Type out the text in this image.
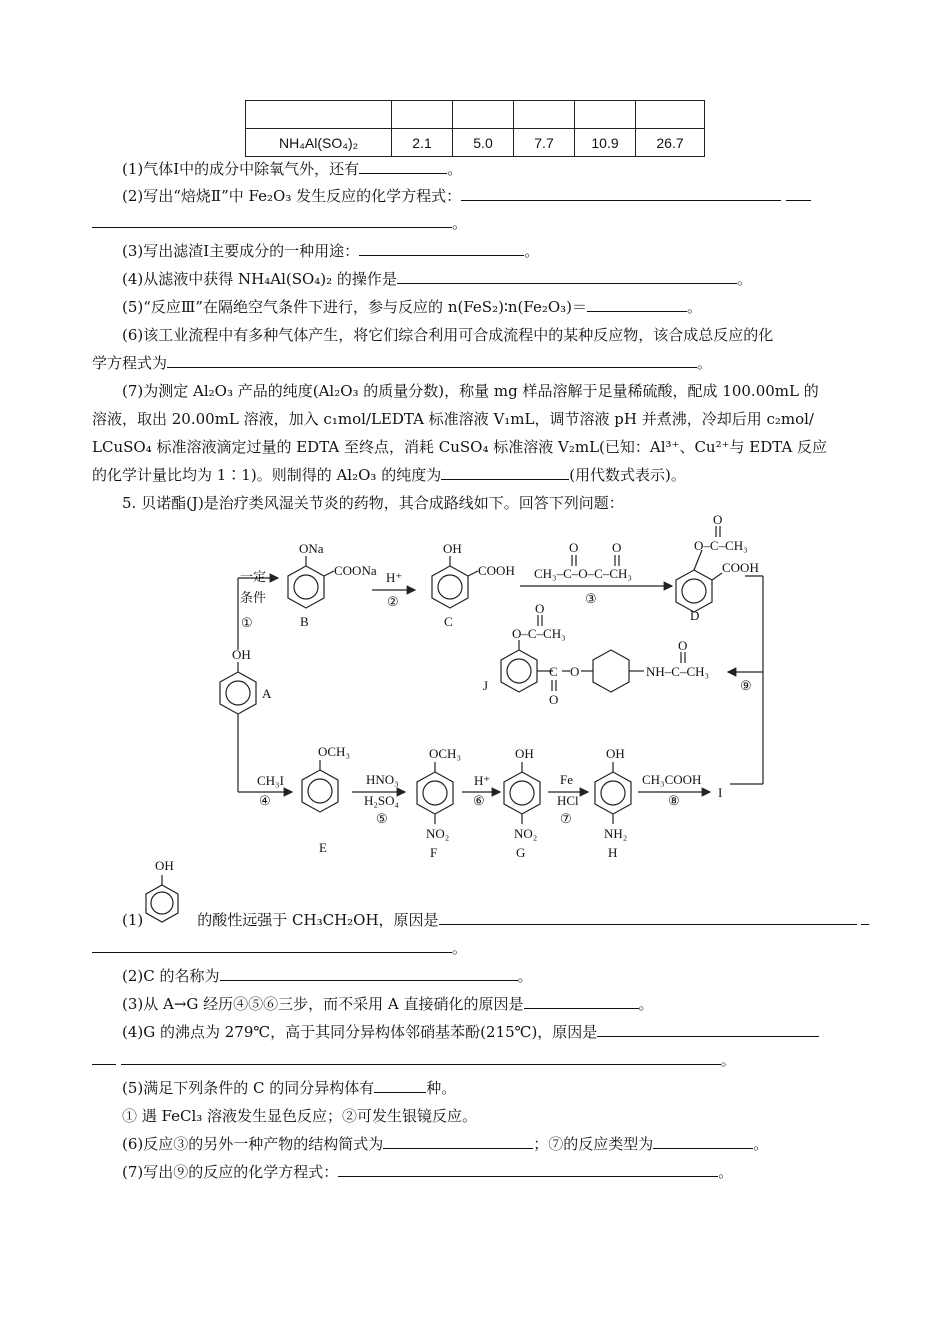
NH₄Al(SO₄)₂	2.1	5.0	7.7	10.9	26.7
(1)气体Ⅰ中的成分中除氧气外，还有	。
(2)写出“焙烧Ⅱ”中 Fe₂O₃ 发生反应的化学方程式：
。
(3)写出滤渣Ⅰ主要成分的一种用途：	。
(4)从滤液中获得 NH₄Al(SO₄)₂ 的操作是	。
(5)“反应Ⅲ”在隔绝空气条件下进行，参与反应的 n(FeS₂)∶n(Fe₂O₃)＝	。
(6)该工业流程中有多种气体产生，将它们综合利用可合成流程中的某种反应物，该合成总反应的化
学方程式为	。
(7)为测定 Al₂O₃ 产品的纯度(Al₂O₃ 的质量分数)，称量 mg 样品溶解于足量稀硫酸，配成 100.00mL 的
溶液，取出 20.00mL 溶液，加入 c₁mol/LEDTA 标准溶液 V₁mL，调节溶液 pH 并煮沸，冷却后用 c₂mol/
LCuSO₄ 标准溶液滴定过量的 EDTA 至终点，消耗 CuSO₄ 标准溶液 V₂mL(已知：Al³⁺、Cu²⁺与 EDTA 反应
的化学计量比均为 1∶1)。则制得的 Al₂O₃ 的纯度为	(用代数式表示)。
5. 贝诺酯(J)是治疗类风湿关节炎的药物，其合成路线如下。回答下列问题：
OH
A
一定
条件
①
ONa
COONa
B
H⁺
②
OH
COOH
C
CH₃–C–O–C–CH₃
O	O
③
O–C–CH₃
O
COOH
D
⑨
O–C–CH₃
O
C
O
O	NH–C–CH₃
O
J
CH₃I
④
OCH₃
E
HNO₃
H₂SO₄
⑤
OCH₃
NO₂
F
H⁺
⑥
OH
NO₂
G
Fe
HCl
⑦
OH
NH₂
H
CH₃COOH
⑧
I
OH
(1)	的酸性远强于 CH₃CH₂OH，原因是
。
(2)C 的名称为	。
(3)从 A→G 经历④⑤⑥三步，而不采用 A 直接硝化的原因是	。
(4)G 的沸点为 279℃，高于其同分异构体邻硝基苯酚(215℃)，原因是
。
(5)满足下列条件的 C 的同分异构体有	种。
① 遇 FeCl₃ 溶液发生显色反应；②可发生银镜反应。
(6)反应③的另外一种产物的结构简式为	；⑦的反应类型为	。
(7)写出⑨的反应的化学方程式：	。
